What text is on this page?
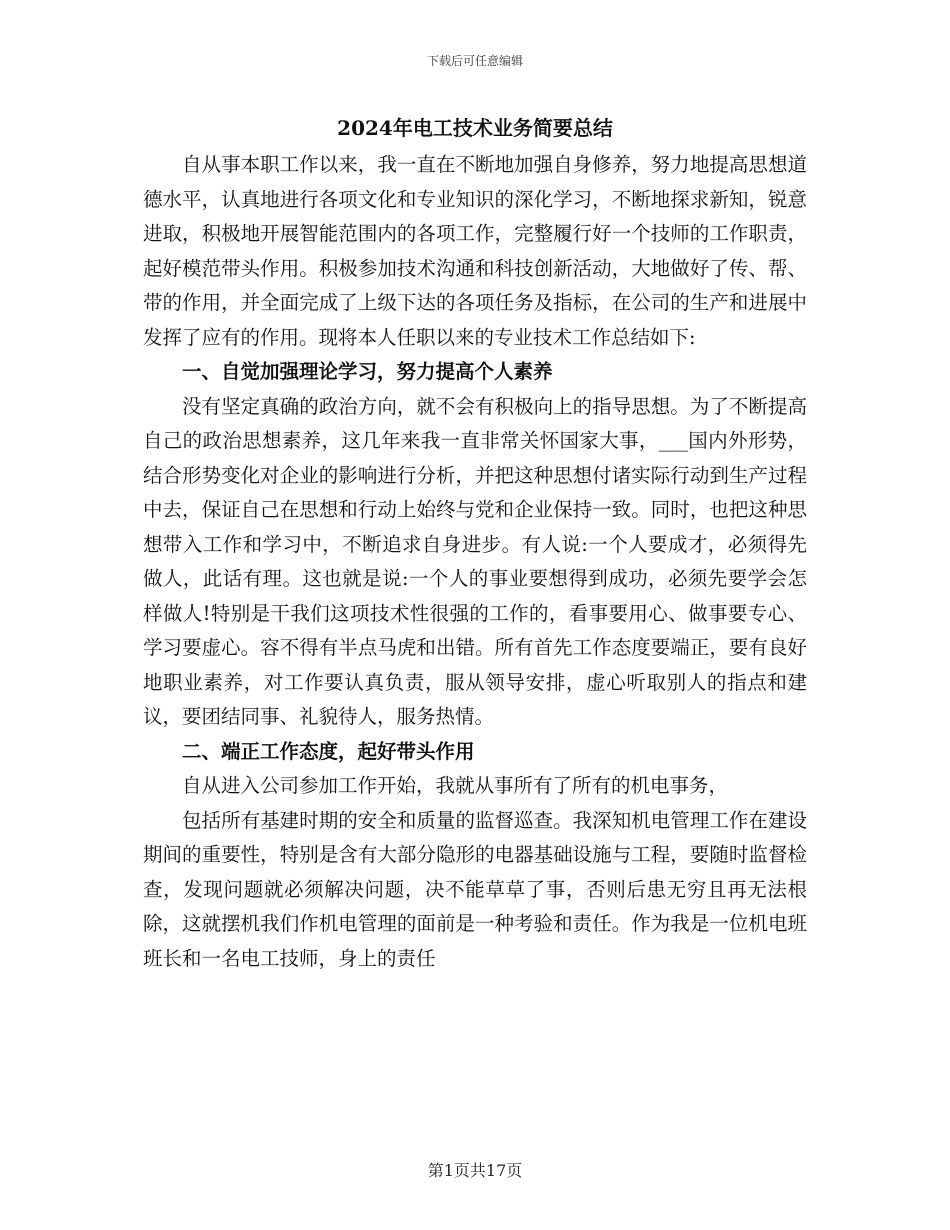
下载后可任意编辑
2024年电工技术业务简要总结

自从事本职工作以来，我一直在不断地加强自身修养，努力地提高思想道德水平，认真地进行各项文化和专业知识的深化学习，不断地探求新知，锐意进取，积极地开展智能范围内的各项工作，完整履行好一个技师的工作职责，起好模范带头作用。积极参加技术沟通和科技创新活动，大地做好了传、帮、带的作用，并全面完成了上级下达的各项任务及指标，在公司的生产和进展中发挥了应有的作用。现将本人任职以来的专业技术工作总结如下:

一、自觉加强理论学习，努力提高个人素养

没有坚定真确的政治方向，就不会有积极向上的指导思想。为了不断提高自己的政治思想素养，这几年来我一直非常关怀国家大事，___国内外形势，结合形势变化对企业的影响进行分析，并把这种思想付诸实际行动到生产过程中去，保证自己在思想和行动上始终与党和企业保持一致。同时，也把这种思想带入工作和学习中，不断追求自身进步。有人说:一个人要成才，必须得先做人，此话有理。这也就是说:一个人的事业要想得到成功，必须先要学会怎样做人!特别是干我们这项技术性很强的工作的，看事要用心、做事要专心、学习要虚心。容不得有半点马虎和出错。所有首先工作态度要端正，要有良好地职业素养，对工作要认真负责，服从领导安排，虚心听取别人的指点和建议，要团结同事、礼貌待人，服务热情。

二、端正工作态度，起好带头作用

自从进入公司参加工作开始，我就从事所有了所有的机电事务，

包括所有基建时期的安全和质量的监督巡查。我深知机电管理工作在建设期间的重要性，特别是含有大部分隐形的电器基础设施与工程，要随时监督检查，发现问题就必须解决问题，决不能草草了事，否则后患无穷且再无法根除，这就摆机我们作机电管理的面前是一种考验和责任。作为我是一位机电班班长和一名电工技师，身上的责任

第1页共17页
